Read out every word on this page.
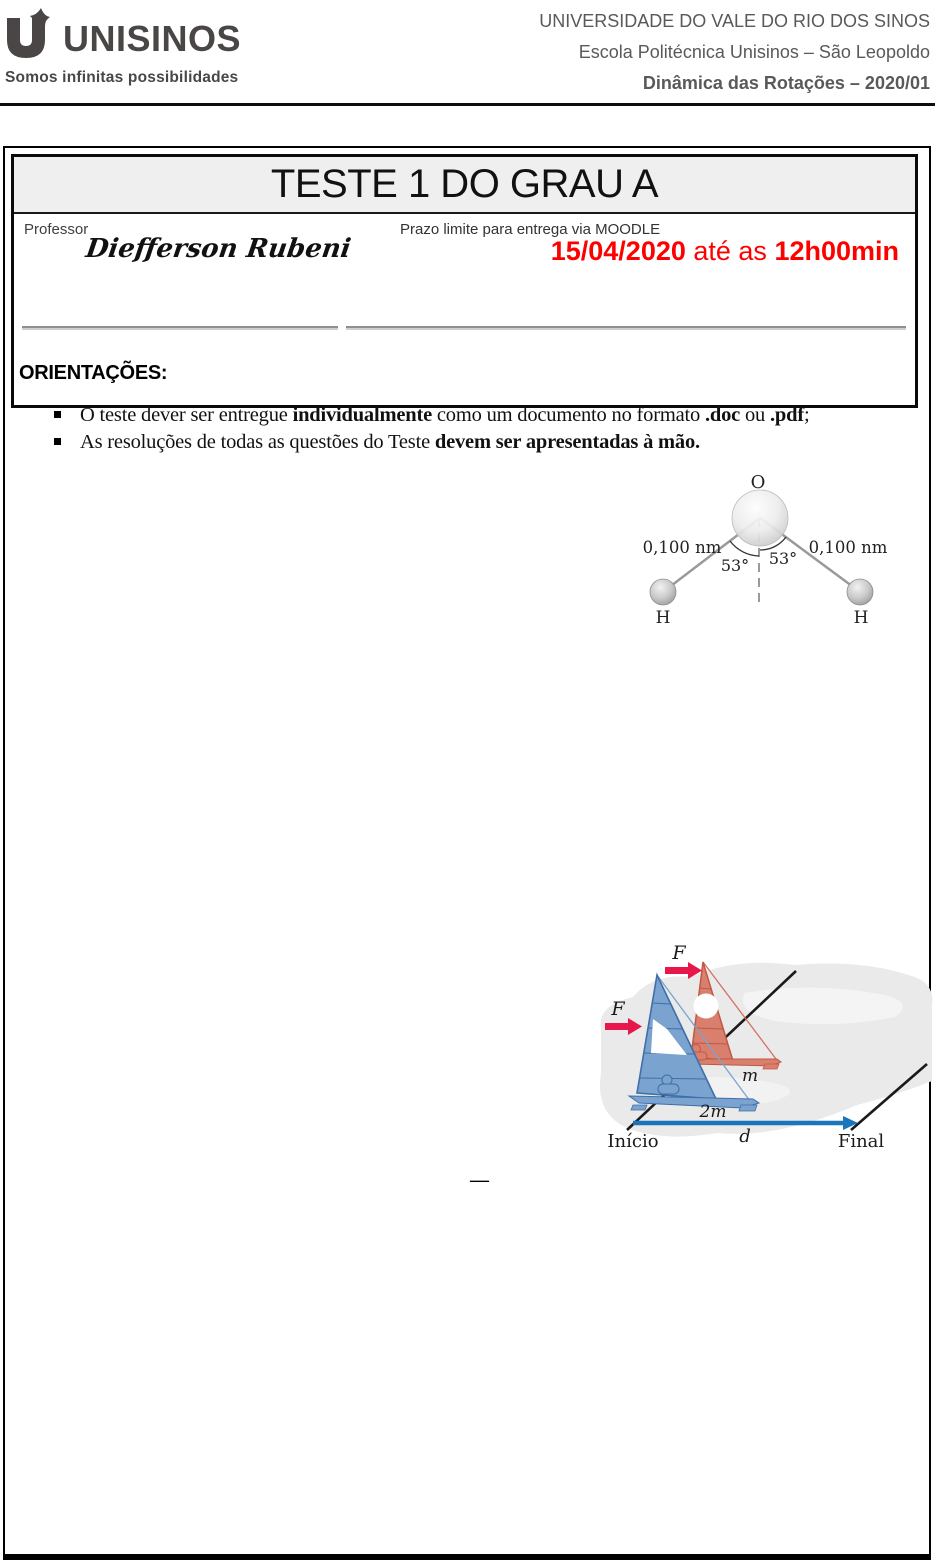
UNISINOS
Somos infinitas possibilidades
UNIVERSIDADE DO VALE DO RIO DOS SINOS
Escola Politécnica Unisinos – São Leopoldo
Dinâmica das Rotações – 2020/01
TESTE 1 DO GRAU A
Professor
Diefferson Rubeni
Prazo limite para entrega via MOODLE
15/04/2020 até as 12h00min
ORIENTAÇÕES:
O teste dever ser entregue individualmente como um documento no formato .doc ou .pdf;
As resoluções de todas as questões do Teste devem ser apresentadas à mão.
O
H	H
0,100 nm	0,100 nm
53° 53°
F
F
m
2m
d
Início	Final
—
